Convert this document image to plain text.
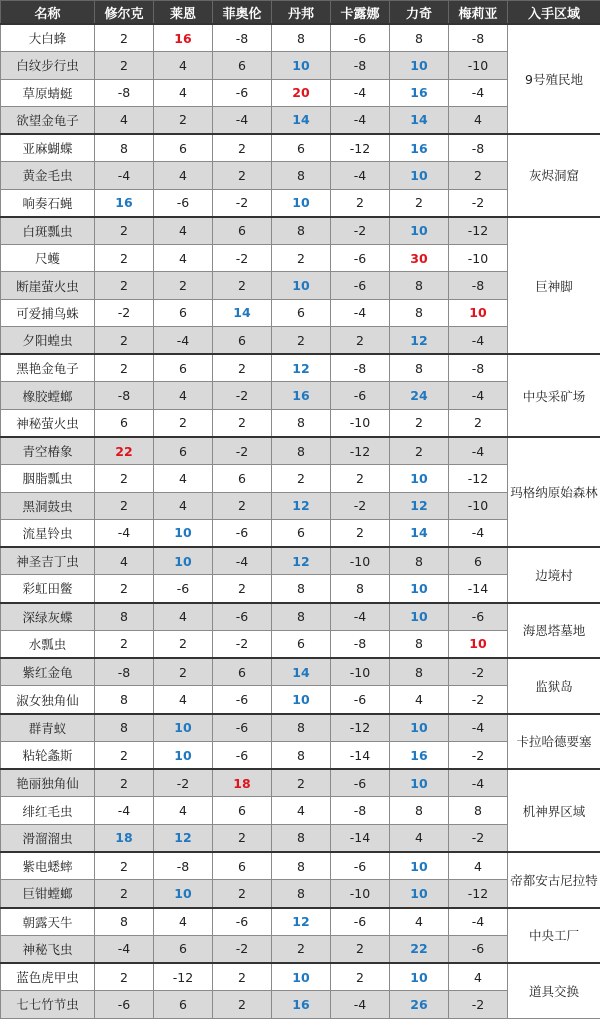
名称	修尔克	莱恩	菲奥伦	丹邦	卡露娜	力奇	梅莉亚	入手区域
大白蜂	2	16	-8	8	-6	8	-8	9号殖民地
白纹步行虫	2	4	6	10	-8	10	-10	
草原蜻蜓	-8	4	-6	20	-4	16	-4	
欲望金龟子	4	2	-4	14	-4	14	4	
亚麻蝴蝶	8	6	2	6	-12	16	-8	灰烬洞窟
黄金毛虫	-4	4	2	8	-4	10	2	
响奏石蝇	16	-6	-2	10	2	2	-2	
白斑瓢虫	2	4	6	8	-2	10	-12	巨神脚
尺蠖	2	4	-2	2	-6	30	-10	
断崖萤火虫	2	2	2	10	-6	8	-8	
可爱捕鸟蛛	-2	6	14	6	-4	8	10	
夕阳蝗虫	2	-4	6	2	2	12	-4	
黑艳金龟子	2	6	2	12	-8	8	-8	中央采矿场
橡胶螳螂	-8	4	-2	16	-6	24	-4	
神秘萤火虫	6	2	2	8	-10	2	2	
青空椿象	22	6	-2	8	-12	2	-4	玛格纳原始森林
胭脂瓢虫	2	4	6	2	2	10	-12	
黑洞鼓虫	2	4	2	12	-2	12	-10	
流星铃虫	-4	10	-6	6	2	14	-4	
神圣吉丁虫	4	10	-4	12	-10	8	6	边境村
彩虹田鳖	2	-6	2	8	8	10	-14	
深绿灰蝶	8	4	-6	8	-4	10	-6	海恩塔墓地
水瓢虫	2	2	-2	6	-8	8	10	
紫红金龟	-8	2	6	14	-10	8	-2	监狱岛
淑女独角仙	8	4	-6	10	-6	4	-2	
群青蚁	8	10	-6	8	-12	10	-4	卡拉哈德要塞
粘轮螽斯	2	10	-6	8	-14	16	-2	
艳丽独角仙	2	-2	18	2	-6	10	-4	机神界区域
绯红毛虫	-4	4	6	4	-8	8	8	
滑溜溜虫	18	12	2	8	-14	4	-2	
紫电蟋蟀	2	-8	6	8	-6	10	4	帝都安古尼拉特
巨钳螳螂	2	10	2	8	-10	10	-12	
朝露天牛	8	4	-6	12	-6	4	-4	中央工厂
神秘飞虫	-4	6	-2	2	2	22	-6	
蓝色虎甲虫	2	-12	2	10	2	10	4	道具交换
七七竹节虫	-6	6	2	16	-4	26	-2	
